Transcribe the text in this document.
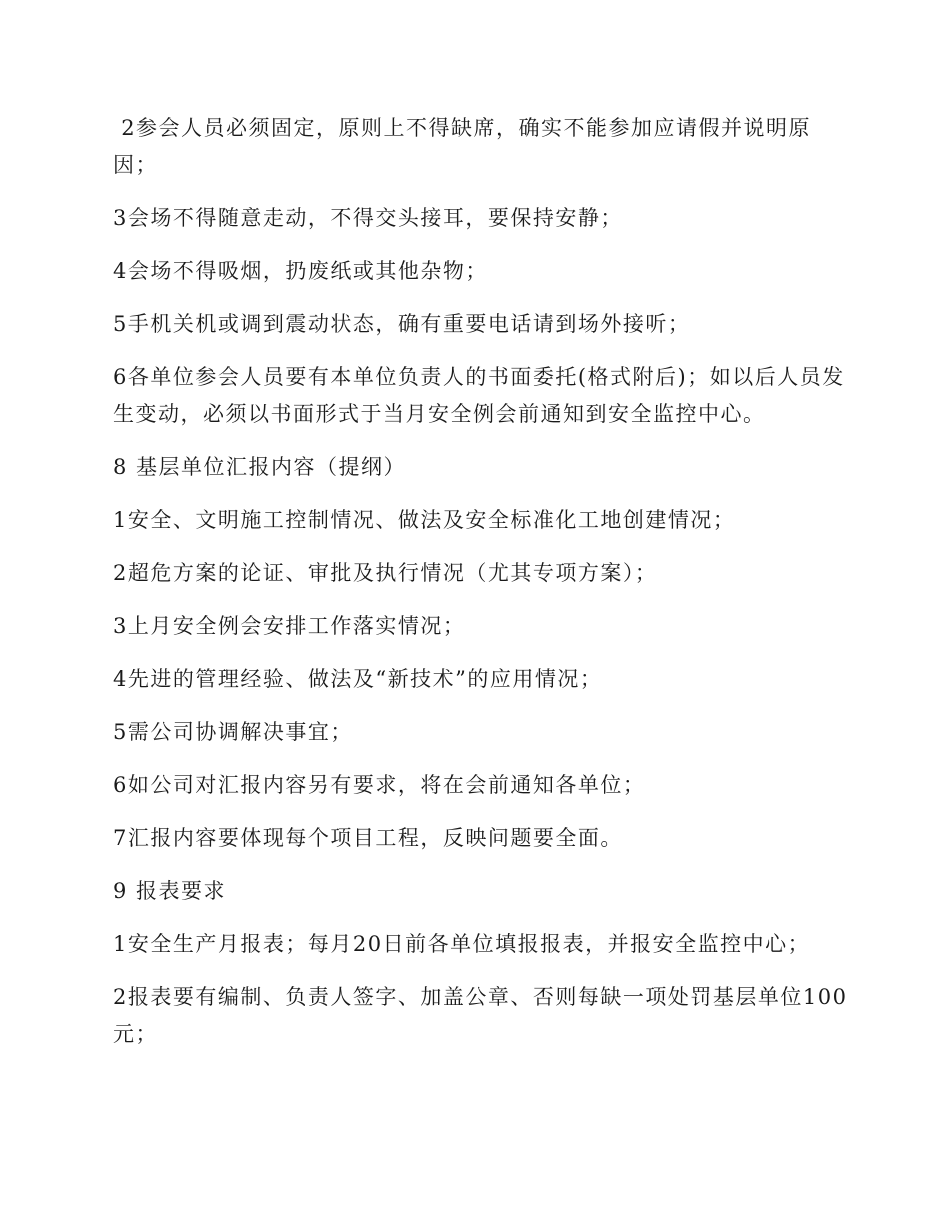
2参会人员必须固定，原则上不得缺席，确实不能参加应请假并说明原因；

3会场不得随意走动，不得交头接耳，要保持安静；

4会场不得吸烟，扔废纸或其他杂物；

5手机关机或调到震动状态，确有重要电话请到场外接听；

6各单位参会人员要有本单位负责人的书面委托(格式附后)；如以后人员发生变动，必须以书面形式于当月安全例会前通知到安全监控中心。

8 基层单位汇报内容（提纲）

1安全、文明施工控制情况、做法及安全标准化工地创建情况；

2超危方案的论证、审批及执行情况（尤其专项方案）；

3上月安全例会安排工作落实情况；

4先进的管理经验、做法及“新技术”的应用情况；

5需公司协调解决事宜；

6如公司对汇报内容另有要求，将在会前通知各单位；

7汇报内容要体现每个项目工程，反映问题要全面。

9 报表要求

1安全生产月报表；每月20日前各单位填报报表，并报安全监控中心；

2报表要有编制、负责人签字、加盖公章、否则每缺一项处罚基层单位100元；
